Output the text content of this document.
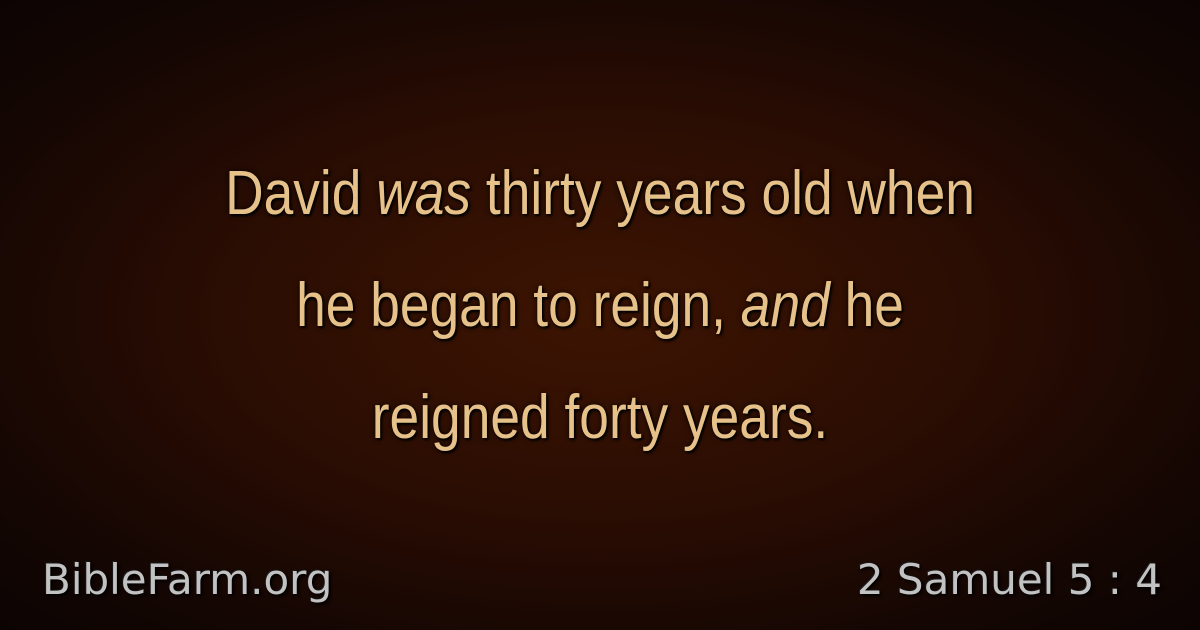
David was thirty years old when
he began to reign, and he
reigned forty years.
BibleFarm.org	2 Samuel 5 : 4
